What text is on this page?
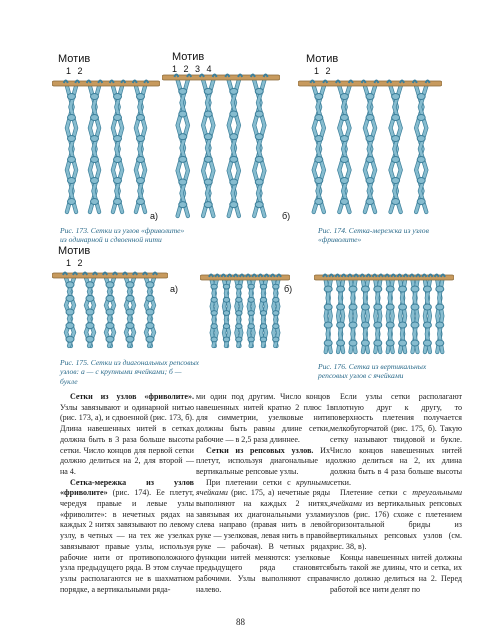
Мотив
1 2
а)
Мотив
1 2 3 4
б)
Мотив
1 2
Рис. 173. Сетки из узлов «фриволите» из одинарной и сдвоенной нити
Рис. 174. Сетка-мережка из узлов «фриволите»
Мотив
1 2
а)	б)
Рис. 175. Сетки из диагональных репсовых узлов: а — с крупными ячейками; б — букле
Рис. 176. Сетка из вертикальных репсовых узлов с ячейками

Сетки из узлов «фриволите». Узлы завязывают и одинарной нитью (рис. 173, а), и сдвоенной (рис. 173, б). Длина навешенных нитей в сетках должна быть в 3 раза больше высоты сетки. Число концов для первой сетки должно делиться на 2, для второй — на 4.

Сетка-мережка из узлов «фриволите» (рис. 174). Ее плетут, чередуя правые и левые узлы «фриволите»: в нечетных рядах на каждых 2 нитях завязывают по левому узлу, в четных — на тех же узелках завязывают правые узлы, используя рабочие нити от противоположного узла предыдущего ряда. В этом случае узлы располагаются не в шахматном порядке, а вертикальными ряда-

ми один под другим. Число концов навешенных нитей кратно 2 плюс 1 для симметрии, узелковые нити должны быть равны длине сетки, рабочие — в 2,5 раза длиннее.

Сетки из репсовых узлов. Их плетут, используя диагональные и вертикальные репсовые узлы.

При плетении сетки с крупными ячейками (рис. 175, а) нечетные ряды выполняют на каждых 2 нитях, завязывая их диагональными узлами слева направо (правая нить в левой руке — узелковая, левая нить в правой руке — рабочая). В четных рядах функции нитей меняются: узелковые предыдущего ряда становятся рабочими. Узлы выполняют справа налево.

Если узлы сетки располагают вплотную друг к другу, то поверхность плетения получается мелкобугорчатой (рис. 175, б). Такую сетку называют твидовой и букле. Число концов навешенных нитей должно делиться на 2, их длина должна быть в 4 раза больше высоты сетки.

Плетение сетки с треугольными ячейками из вертикальных репсовых узлов (рис. 176) схоже с плетением горизонтальной бриды из вертикальных репсовых узлов (см. рис. 38, в).

Концы навешенных нитей должны быть такой же длины, что и сетка, их число должно делиться на 2. Перед работой все нити делят по

88
